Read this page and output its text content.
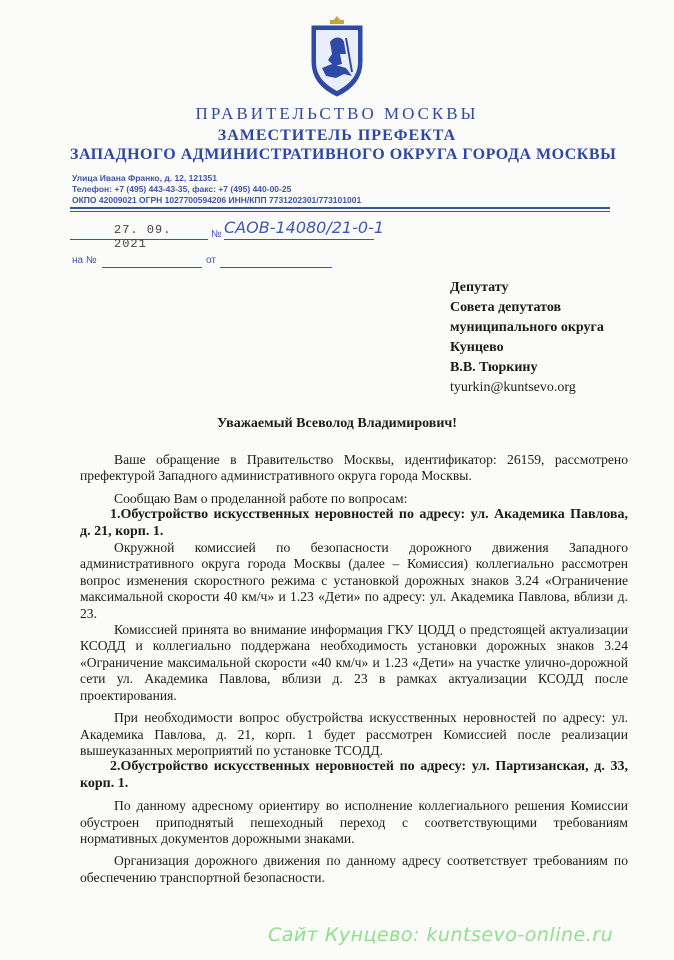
ПРАВИТЕЛЬСТВО МОСКВЫ
ЗАМЕСТИТЕЛЬ ПРЕФЕКТА
ЗАПАДНОГО АДМИНИСТРАТИВНОГО ОКРУГА ГОРОДА МОСКВЫ
Улица Ивана Франко, д. 12, 121351
Телефон: +7 (495) 443-43-35, факс: +7 (495) 440-00-25
ОКПО 42009021 ОГРН 1027700594206 ИНН/КПП 7731202301/773101001
27. 09. 2021
№ САОВ-14080/21-0-1
на №	от
Депутату
Совета депутатов
муниципального округа
Кунцево
В.В. Тюркину
tyurkin@kuntsevo.org
Уважаемый Всеволод Владимирович!

Ваше обращение в Правительство Москвы, идентификатор: 26159, рассмотрено префектурой Западного административного округа города Москвы.

Сообщаю Вам о проделанной работе по вопросам:

1.Обустройство искусственных неровностей по адресу: ул. Академика Павлова, д. 21, корп. 1.

Окружной комиссией по безопасности дорожного движения Западного административного округа города Москвы (далее – Комиссия) коллегиально рассмотрен вопрос изменения скоростного режима с установкой дорожных знаков 3.24 «Ограничение максимальной скорости 40 км/ч» и 1.23 «Дети» по адресу: ул. Академика Павлова, вблизи д. 23.

Комиссией принята во внимание информация ГКУ ЦОДД о предстоящей актуализации КСОДД и коллегиально поддержана необходимость установки дорожных знаков 3.24 «Ограничение максимальной скорости «40 км/ч» и 1.23 «Дети» на участке улично-дорожной сети ул. Академика Павлова, вблизи д. 23 в рамках актуализации КСОДД после проектирования.

При необходимости вопрос обустройства искусственных неровностей по адресу: ул. Академика Павлова, д. 21, корп. 1 будет рассмотрен Комиссией после реализации вышеуказанных мероприятий по установке ТСОДД.

2.Обустройство искусственных неровностей по адресу: ул. Партизанская, д. 33, корп. 1.

По данному адресному ориентиру во исполнение коллегиального решения Комиссии обустроен приподнятый пешеходный переход с соответствующими требованиям нормативных документов дорожными знаками.

Организация дорожного движения по данному адресу соответствует требованиям по обеспечению транспортной безопасности.

Сайт Кунцево: kuntsevo-online.ru
